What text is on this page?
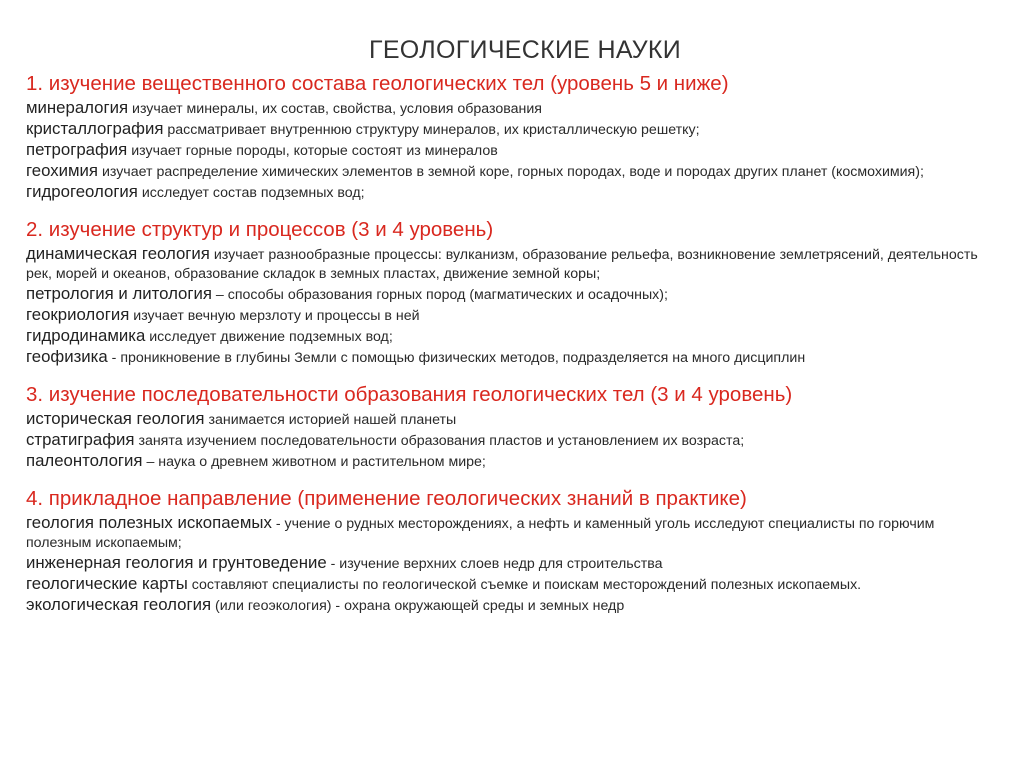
ГЕОЛОГИЧЕСКИЕ НАУКИ
1. изучение вещественного состава геологических тел (уровень 5 и ниже)

минералогия изучает минералы, их состав, свойства, условия образования

кристаллография рассматривает внутреннюю структуру минералов, их кристаллическую решетку;

петрография изучает горные породы, которые состоят из минералов

геохимия изучает распределение химических элементов в земной коре, горных породах, воде и породах других планет (космохимия);

гидрогеология исследует состав подземных вод;

2. изучение структур и процессов (3 и 4 уровень)

динамическая геология изучает разнообразные процессы: вулканизм, образование рельефа, возникновение землетрясений, деятельность рек, морей и океанов, образование складок в земных пластах, движение земной коры;

петрология и литология – способы образования горных пород (магматических и осадочных);

геокриология изучает вечную мерзлоту и процессы в ней

гидродинамика исследует движение подземных вод;

геофизика - проникновение в глубины Земли с помощью физических методов, подразделяется на много дисциплин

3. изучение последовательности образования геологических тел (3 и 4 уровень)

историческая геология занимается историей нашей планеты

стратиграфия занята изучением последовательности образования пластов и установлением их возраста;

палеонтология – наука о древнем животном и растительном мире;

4. прикладное направление (применение геологических знаний в практике)

геология полезных ископаемых - учение о рудных месторождениях, а нефть и каменный уголь исследуют специалисты по горючим полезным ископаемым;

инженерная геология и грунтоведение - изучение верхних слоев недр для строительства

геологические карты составляют специалисты по геологической съемке и поискам месторождений полезных ископаемых.

экологическая геология (или геоэкология) - охрана окружающей среды и земных недр
